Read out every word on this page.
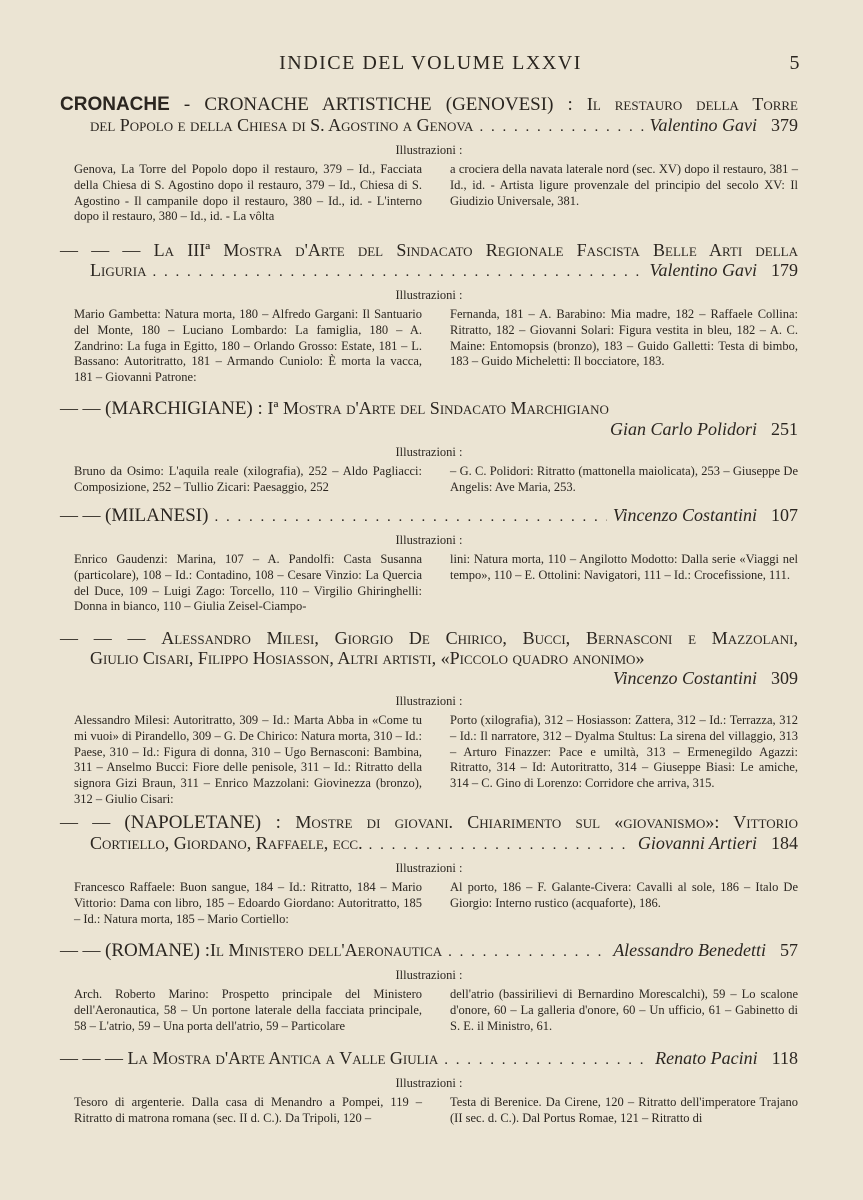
INDICE DEL VOLUME LXXVI	5
CRONACHE - CRONACHE ARTISTICHE (GENOVESI) : Il restauro della Torre
del Popolo e della Chiesa di S. Agostino a Genova . . .	Valentino Gavi 379
Illustrazioni :
Genova, La Torre del Popolo dopo il restauro, 379 – Id., Facciata della Chiesa di S. Agostino dopo il restauro, 379 – Id., Chiesa di S. Agostino - Il campanile dopo il restauro, 380 – Id., id. - L'interno dopo il restauro, 380 – Id., id. - La vôlta
a crociera della navata laterale nord (sec. XV) dopo il restauro, 381 – Id., id. - Artista ligure provenzale del principio del secolo XV: Il Giudizio Universale, 381.
— — — La IIIª Mostra d'Arte del Sindacato Regionale Fascista Belle Arti della
Liguria . . .	Valentino Gavi 179
Illustrazioni :
Mario Gambetta: Natura morta, 180 – Alfredo Gargani: Il Santuario del Monte, 180 – Luciano Lombardo: La famiglia, 180 – A. Zandrino: La fuga in Egitto, 180 – Orlando Grosso: Estate, 181 – L. Bassano: Autoritratto, 181 – Armando Cuniolo: È morta la vacca, 181 – Giovanni Patrone:
Fernanda, 181 – A. Barabino: Mia madre, 182 – Raffaele Collina: Ritratto, 182 – Giovanni Solari: Figura vestita in bleu, 182 – A. C. Maine: Entomopsis (bronzo), 183 – Guido Galletti: Testa di bimbo, 183 – Guido Micheletti: Il bocciatore, 183.
— — (MARCHIGIANE) : Iª Mostra d'Arte del Sindacato Marchigiano
Gian Carlo Polidori 251
Illustrazioni :
Bruno da Osimo: L'aquila reale (xilografia), 252 – Aldo Pagliacci: Composizione, 252 – Tullio Zicari: Paesaggio, 252
– G. C. Polidori: Ritratto (mattonella maiolicata), 253 – Giuseppe De Angelis: Ave Maria, 253.
— — (MILANESI) . . .	Vincenzo Costantini 107
Illustrazioni :
Enrico Gaudenzi: Marina, 107 – A. Pandolfi: Casta Susanna (particolare), 108 – Id.: Contadino, 108 – Cesare Vinzio: La Quercia del Duce, 109 – Luigi Zago: Torcello, 110 – Virgilio Ghiringhelli: Donna in bianco, 110 – Giulia Zeisel-Ciampo-
lini: Natura morta, 110 – Angilotto Modotto: Dalla serie «Viaggi nel tempo», 110 – E. Ottolini: Navigatori, 111 – Id.: Crocefissione, 111.
— — — Alessandro Milesi, Giorgio De Chirico, Bucci, Bernasconi e Mazzolani,
Giulio Cisari, Filippo Hosiasson, Altri artisti, «Piccolo quadro anonimo»
Vincenzo Costantini 309
Illustrazioni :
Alessandro Milesi: Autoritratto, 309 – Id.: Marta Abba in «Come tu mi vuoi» di Pirandello, 309 – G. De Chirico: Natura morta, 310 – Id.: Paese, 310 – Id.: Figura di donna, 310 – Ugo Bernasconi: Bambina, 311 – Anselmo Bucci: Fiore delle penisole, 311 – Id.: Ritratto della signora Gizi Braun, 311 – Enrico Mazzolani: Giovinezza (bronzo), 312 – Giulio Cisari:
Porto (xilografia), 312 – Hosiasson: Zattera, 312 – Id.: Terrazza, 312 – Id.: Il narratore, 312 – Dyalma Stultus: La sirena del villaggio, 313 – Arturo Finazzer: Pace e umiltà, 313 – Ermenegildo Agazzi: Ritratto, 314 – Id: Autoritratto, 314 – Giuseppe Biasi: Le amiche, 314 – C. Gino di Lorenzo: Corridore che arriva, 315.
— — (NAPOLETANE) : Mostre di giovani. Chiarimento sul «giovanismo»: Vittorio
Cortiello, Giordano, Raffaele, ecc. . . .	Giovanni Artieri 184
Illustrazioni :
Francesco Raffaele: Buon sangue, 184 – Id.: Ritratto, 184 – Mario Vittorio: Dama con libro, 185 – Edoardo Giordano: Autoritratto, 185 – Id.: Natura morta, 185 – Mario Cortiello:
Al porto, 186 – F. Galante-Civera: Cavalli al sole, 186 – Italo De Giorgio: Interno rustico (acquaforte), 186.
— — (ROMANE) : Il Ministero dell'Aeronautica . . .	Alessandro Benedetti 57
Illustrazioni :
Arch. Roberto Marino: Prospetto principale del Ministero dell'Aeronautica, 58 – Un portone laterale della facciata principale, 58 – L'atrio, 59 – Una porta dell'atrio, 59 – Particolare
dell'atrio (bassirilievi di Bernardino Morescalchi), 59 – Lo scalone d'onore, 60 – La galleria d'onore, 60 – Un ufficio, 61 – Gabinetto di S. E. il Ministro, 61.
— — — La Mostra d'Arte Antica a Valle Giulia . . .	Renato Pacini 118
Illustrazioni :
Tesoro di argenterie. Dalla casa di Menandro a Pompei, 119 – Ritratto di matrona romana (sec. II d. C.). Da Tripoli, 120 –
Testa di Berenice. Da Cirene, 120 – Ritratto dell'imperatore Trajano (II sec. d. C.). Dal Portus Romae, 121 – Ritratto di
